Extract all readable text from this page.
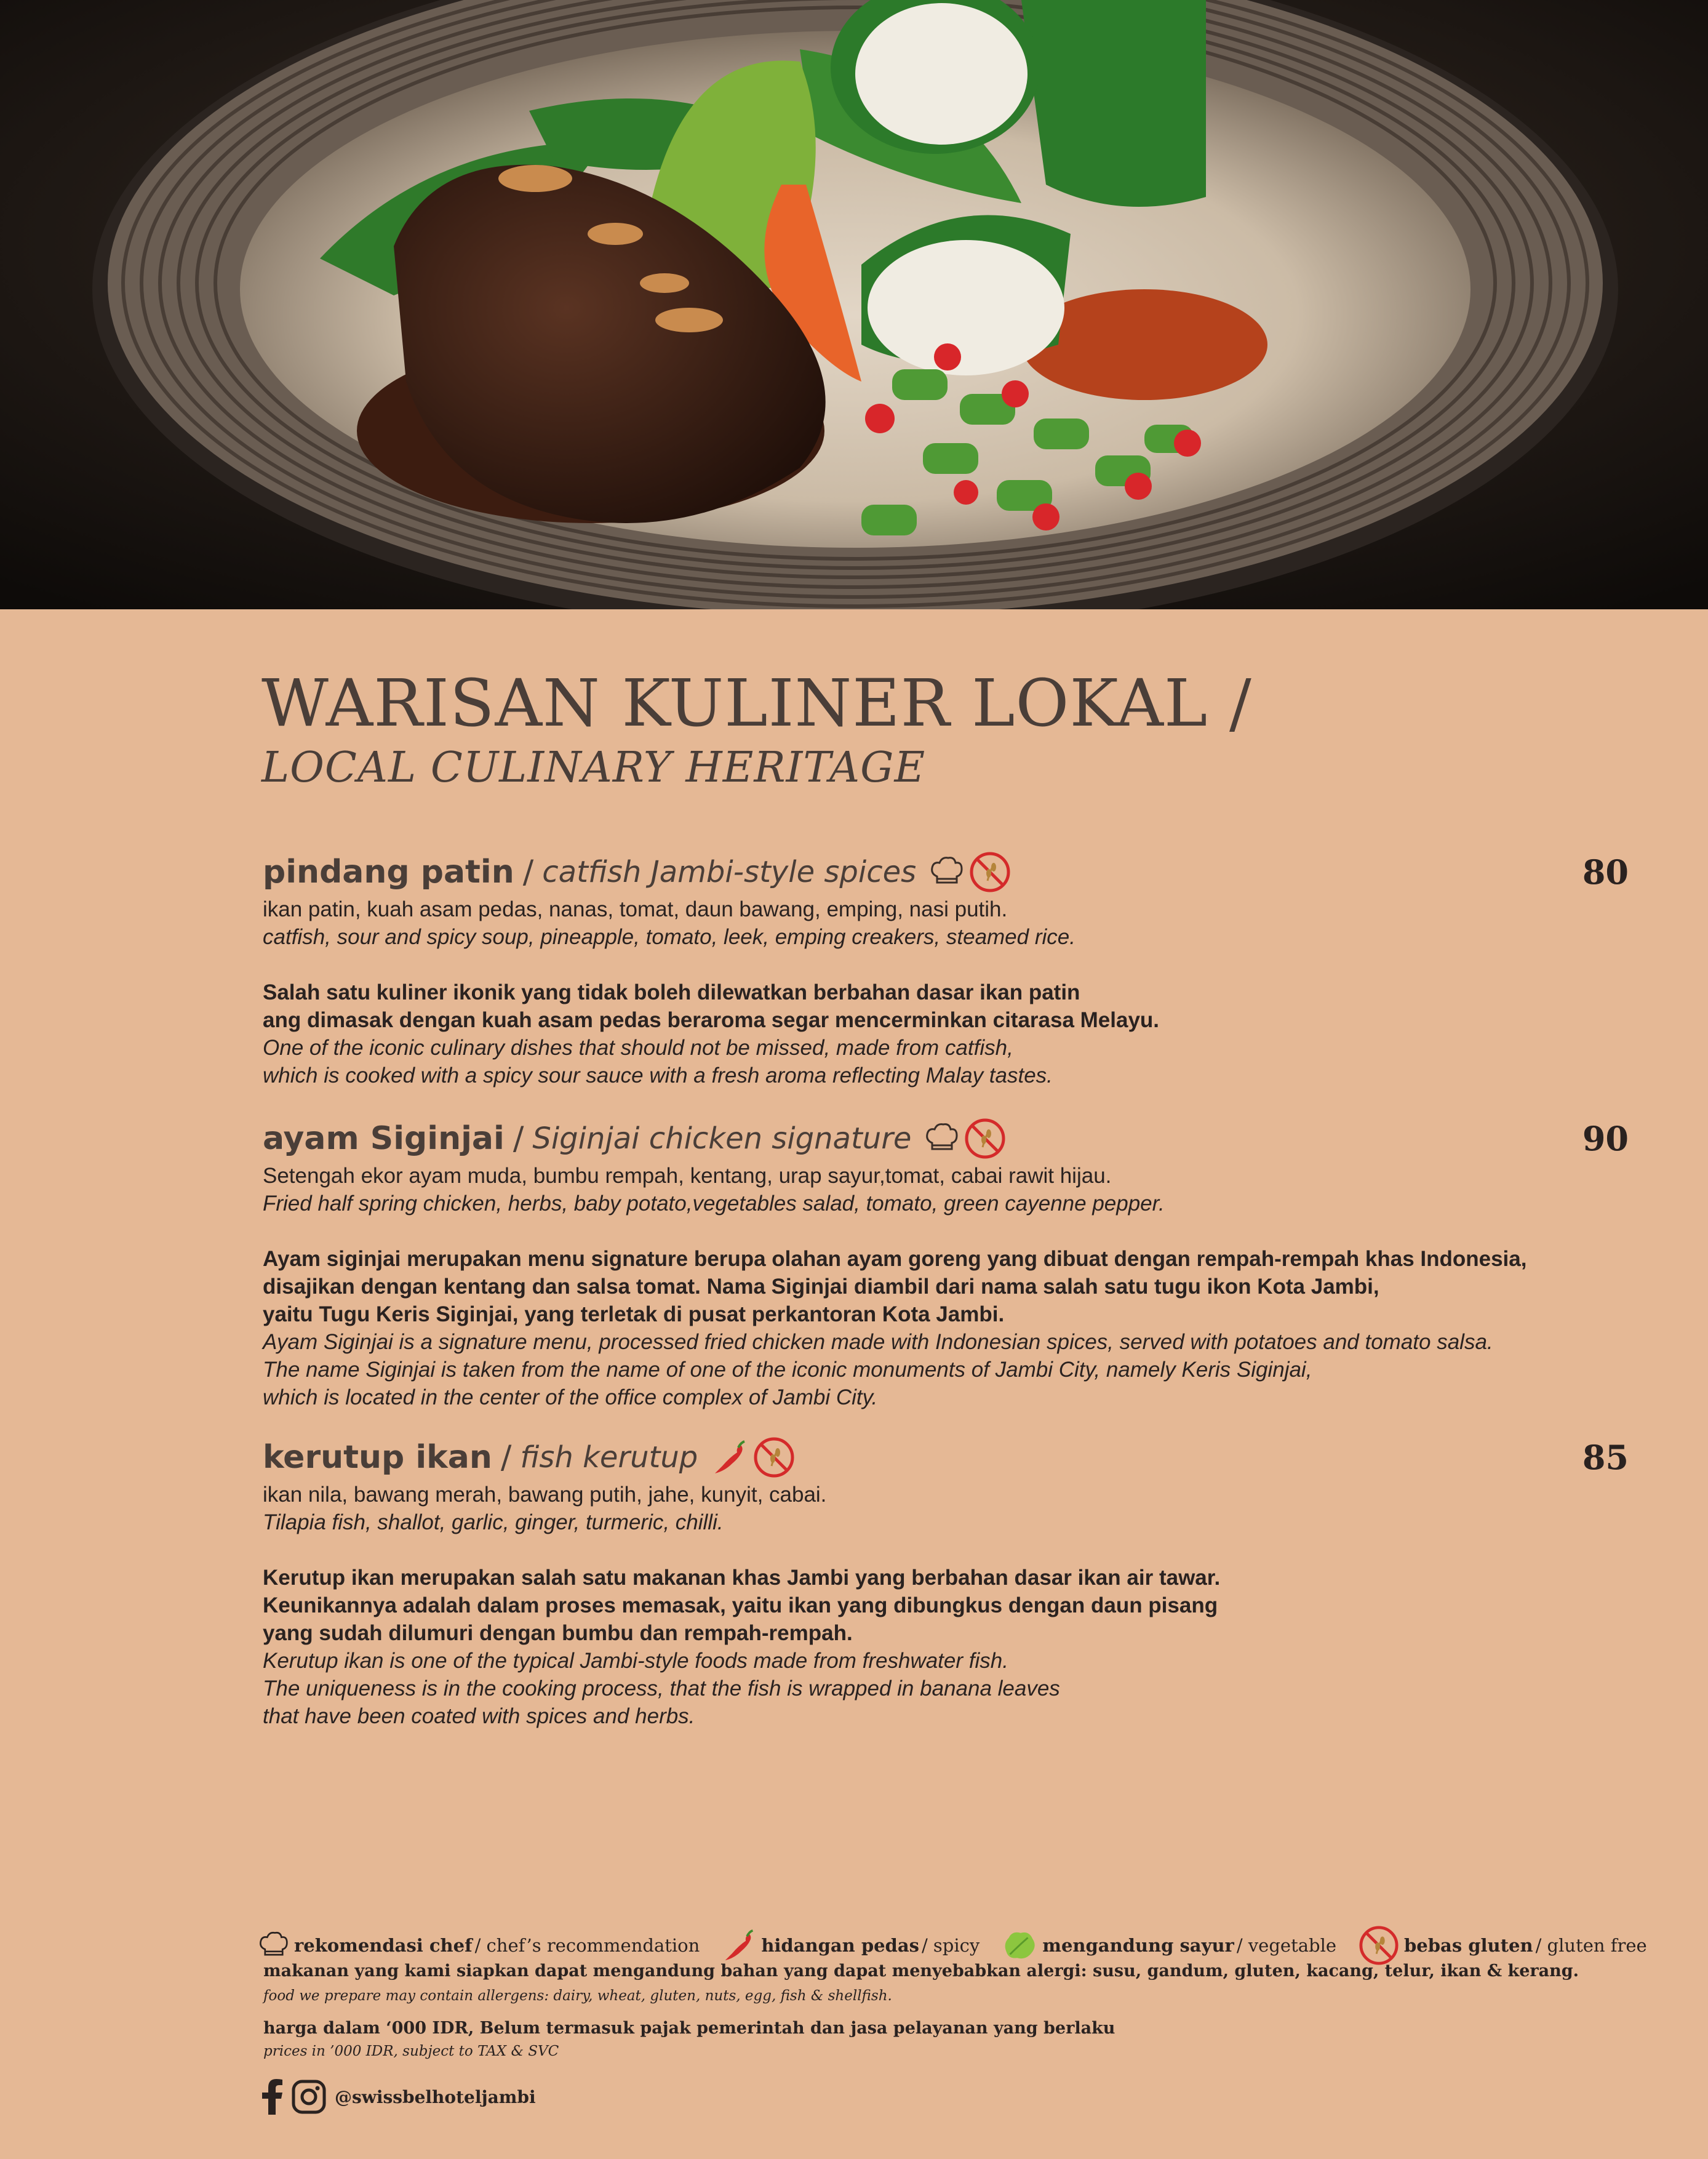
WARISAN KULINER LOKAL /
LOCAL CULINARY HERITAGE
pindang patin / catfish Jambi-style spices	80
ikan patin, kuah asam pedas, nanas, tomat, daun bawang, emping, nasi putih.
catfish, sour and spicy soup, pineapple, tomato, leek, emping creakers, steamed rice.
Salah satu kuliner ikonik yang tidak boleh dilewatkan berbahan dasar ikan patin
ang dimasak dengan kuah asam pedas beraroma segar mencerminkan citarasa Melayu.
One of the iconic culinary dishes that should not be missed, made from catfish,
which is cooked with a spicy sour sauce with a fresh aroma reflecting Malay tastes.
ayam Siginjai / Siginjai chicken signature	90
Setengah ekor ayam muda, bumbu rempah, kentang, urap sayur,tomat, cabai rawit hijau.
Fried half spring chicken, herbs, baby potato,vegetables salad, tomato, green cayenne pepper.
Ayam siginjai merupakan menu signature berupa olahan ayam goreng yang dibuat dengan rempah-rempah khas Indonesia,
disajikan dengan kentang dan salsa tomat. Nama Siginjai diambil dari nama salah satu tugu ikon Kota Jambi,
yaitu Tugu Keris Siginjai, yang terletak di pusat perkantoran Kota Jambi.
Ayam Siginjai is a signature menu, processed fried chicken made with Indonesian spices, served with potatoes and tomato salsa.
The name Siginjai is taken from the name of one of the iconic monuments of Jambi City, namely Keris Siginjai,
which is located in the center of the office complex of Jambi City.
kerutup ikan / fish kerutup	85
ikan nila, bawang merah, bawang putih, jahe, kunyit, cabai.
Tilapia fish, shallot, garlic, ginger, turmeric, chilli.
Kerutup ikan merupakan salah satu makanan khas Jambi yang berbahan dasar ikan air tawar.
Keunikannya adalah dalam proses memasak, yaitu ikan yang dibungkus dengan daun pisang
yang sudah dilumuri dengan bumbu dan rempah-rempah.
Kerutup ikan is one of the typical Jambi-style foods made from freshwater fish.
The uniqueness is in the cooking process, that the fish is wrapped in banana leaves
that have been coated with spices and herbs.
rekomendasi chef / chef’s recommendation	hidangan pedas / spicy	mengandung sayur / vegetable	bebas gluten / gluten free
makanan yang kami siapkan dapat mengandung bahan yang dapat menyebabkan alergi: susu, gandum, gluten, kacang, telur, ikan & kerang.
food we prepare may contain allergens: dairy, wheat, gluten, nuts, egg, fish & shellfish.
harga dalam ‘000 IDR, Belum termasuk pajak pemerintah dan jasa pelayanan yang berlaku
prices in ’000 IDR, subject to TAX & SVC
@swissbelhoteljambi
